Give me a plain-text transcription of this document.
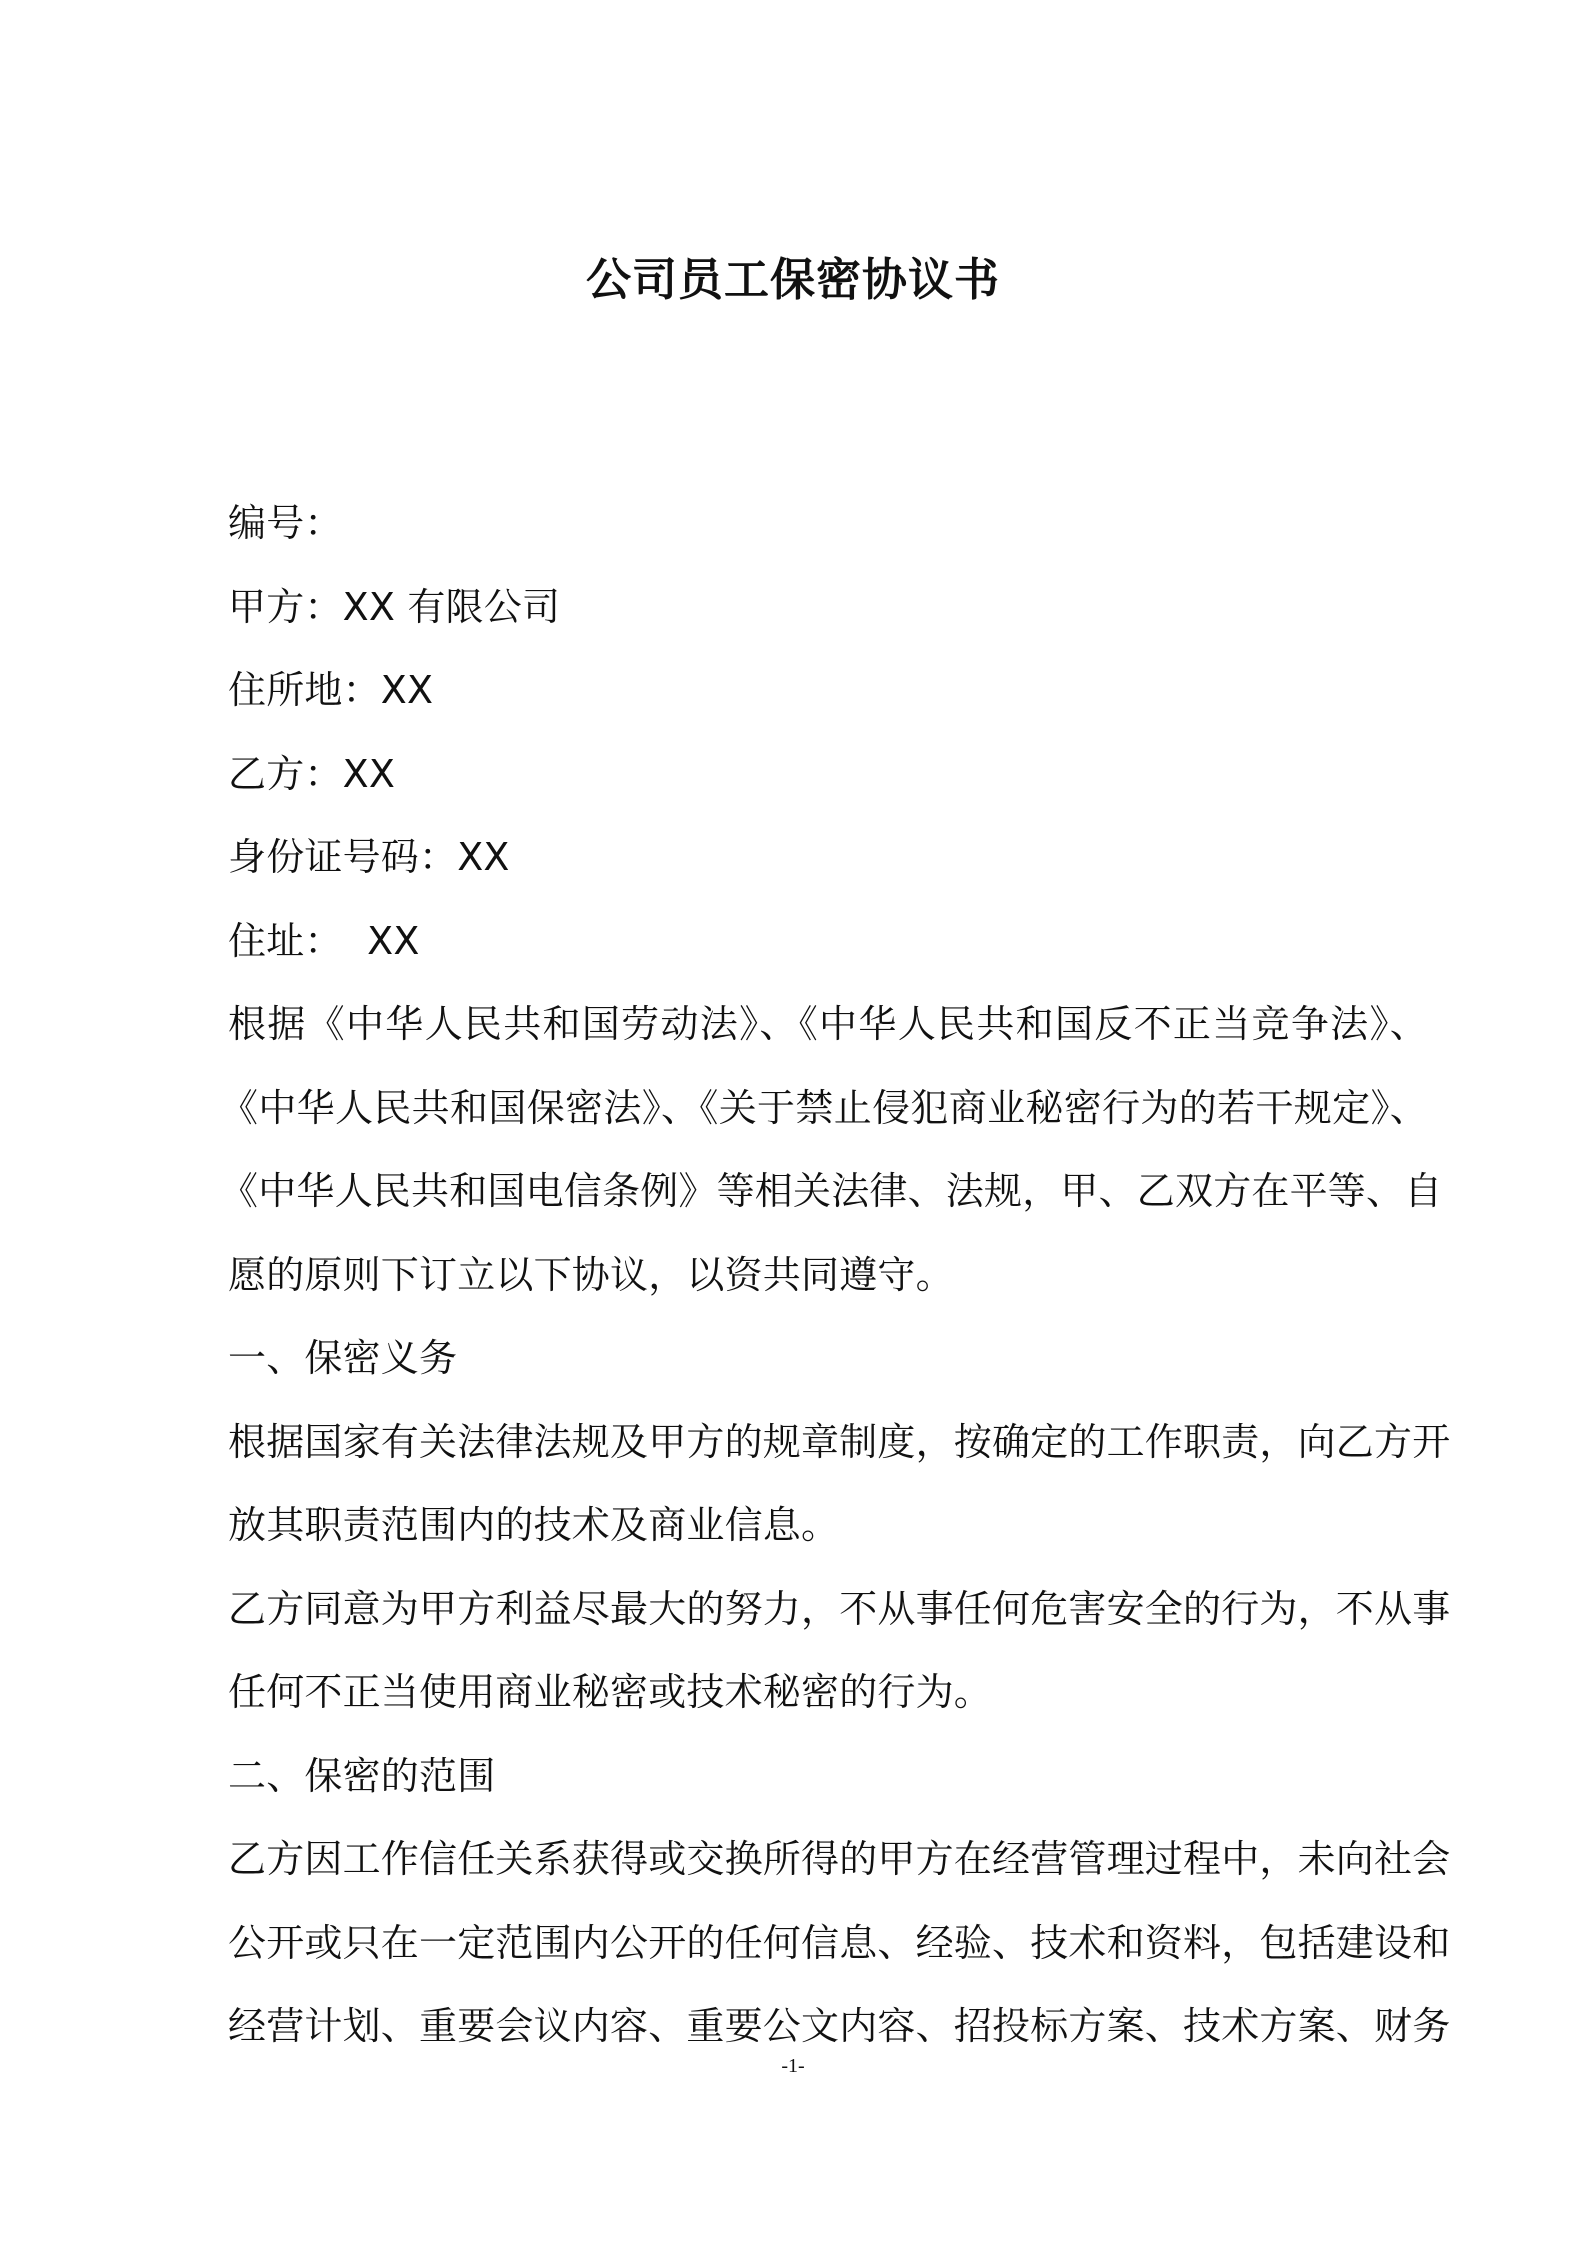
公司员工保密协议书
编号：
甲方：XX 有限公司
住所地：XX
乙方：XX
身份证号码：XX
住址：  XX
根据《中华人民共和国劳动法》、《中华人民共和国反不正当竞争法》、
《中华人民共和国保密法》、《关于禁止侵犯商业秘密行为的若干规定》、
《中华人民共和国电信条例》等相关法律、法规，甲、乙双方在平等、自
愿的原则下订立以下协议，以资共同遵守。
一、保密义务
根据国家有关法律法规及甲方的规章制度，按确定的工作职责，向乙方开
放其职责范围内的技术及商业信息。
乙方同意为甲方利益尽最大的努力，不从事任何危害安全的行为，不从事
任何不正当使用商业秘密或技术秘密的行为。
二、保密的范围
乙方因工作信任关系获得或交换所得的甲方在经营管理过程中，未向社会
公开或只在一定范围内公开的任何信息、经验、技术和资料，包括建设和
经营计划、重要会议内容、重要公文内容、招投标方案、技术方案、财务
-1-
